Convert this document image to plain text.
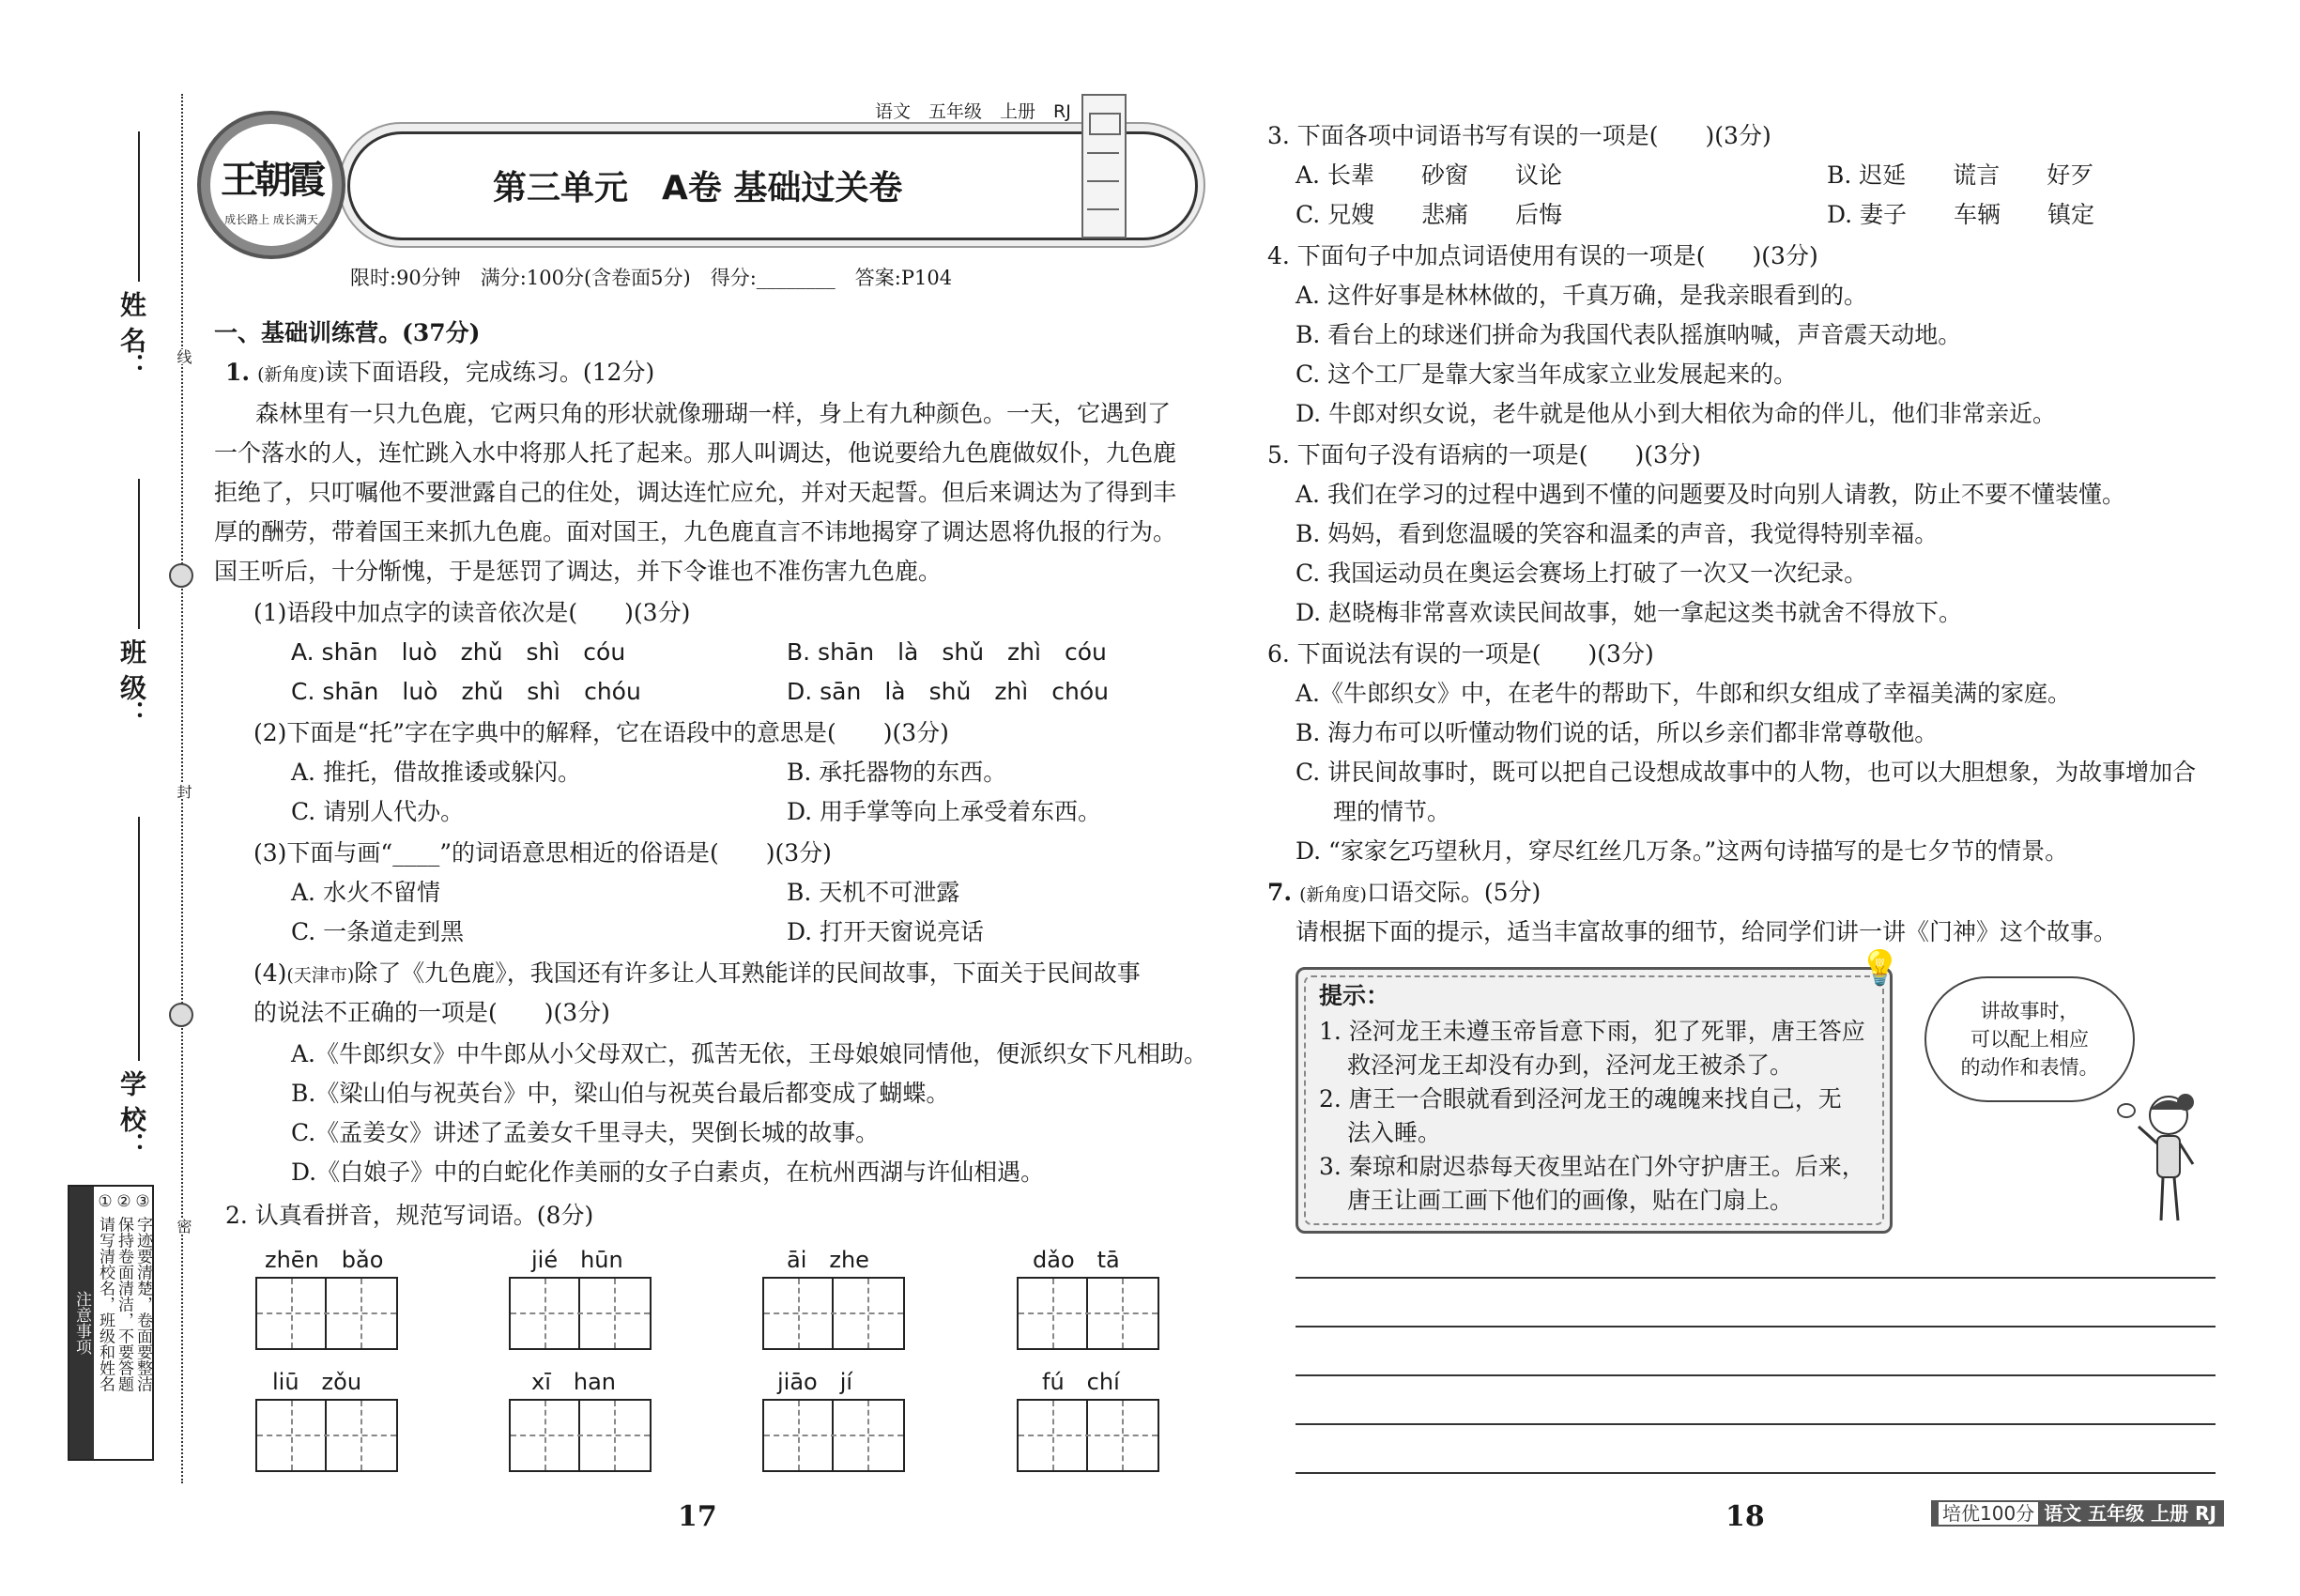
姓 名：
班 级：
学 校：
线
封
密
注意事项 ① 请写清校名，班级和姓名 ② 保持卷面清洁，不要答题 ③ 字迹要清楚，卷面要整洁
王朝霞
成长路上 成长满天
语文　五年级　上册　RJ
第三单元　A卷 基础过关卷
限时:90分钟　满分:100分(含卷面5分)　得分:________　答案:P104
一、基础训练营。(37分)
1. (新角度)读下面语段，完成练习。(12分)
森林里有一只九色鹿，它两只角的形状就像珊瑚一样，身上有九种颜色。一天，它遇到了
一个落水的人，连忙跳入水中将那人托了起来。那人叫调达，他说要给九色鹿做奴仆，九色鹿
拒绝了，只叮嘱他不要泄露自己的住处，调达连忙应允，并对天起誓。但后来调达为了得到丰
厚的酬劳，带着国王来抓九色鹿。面对国王，九色鹿直言不讳地揭穿了调达恩将仇报的行为。
国王听后，十分惭愧，于是惩罚了调达，并下令谁也不准伤害九色鹿。
(1)语段中加点字的读音依次是(　　)(3分)
A. shān　luò　zhǔ　shì　cóu	B. shān　là　shǔ　zhì　cóu
C. shān　luò　zhǔ　shì　chóu	D. sān　là　shǔ　zhì　chóu
(2)下面是“托”字在字典中的解释，它在语段中的意思是(　　)(3分)
A. 推托，借故推诿或躲闪。	B. 承托器物的东西。
C. 请别人代办。	D. 用手掌等向上承受着东西。
(3)下面与画“____”的词语意思相近的俗语是(　　)(3分)
A. 水火不留情	B. 天机不可泄露
C. 一条道走到黑	D. 打开天窗说亮话
(4)(天津市)除了《九色鹿》，我国还有许多让人耳熟能详的民间故事，下面关于民间故事
的说法不正确的一项是(　　)(3分)
A.《牛郎织女》中牛郎从小父母双亡，孤苦无依，王母娘娘同情他，便派织女下凡相助。
B.《梁山伯与祝英台》中，梁山伯与祝英台最后都变成了蝴蝶。
C.《孟姜女》讲述了孟姜女千里寻夫，哭倒长城的故事。
D.《白娘子》中的白蛇化作美丽的女子白素贞，在杭州西湖与许仙相遇。
2. 认真看拼音，规范写词语。(8分)
zhēn　bǎo	jié　hūn	āi　zhe	dǎo　tā
liū　zǒu	xī　han	jiāo　jí	fú　chí
17
3. 下面各项中词语书写有误的一项是(　　)(3分)
A. 长辈　　砂窗　　议论	B. 迟延　　谎言　　好歹
C. 兄嫂　　悲痛　　后悔	D. 妻子　　车辆　　镇定
4. 下面句子中加点词语使用有误的一项是(　　)(3分)
A. 这件好事是林林做的，千真万确，是我亲眼看到的。
B. 看台上的球迷们拼命为我国代表队摇旗呐喊，声音震天动地。
C. 这个工厂是靠大家当年成家立业发展起来的。
D. 牛郎对织女说，老牛就是他从小到大相依为命的伴儿，他们非常亲近。
5. 下面句子没有语病的一项是(　　)(3分)
A. 我们在学习的过程中遇到不懂的问题要及时向别人请教，防止不要不懂装懂。
B. 妈妈，看到您温暖的笑容和温柔的声音，我觉得特别幸福。
C. 我国运动员在奥运会赛场上打破了一次又一次纪录。
D. 赵晓梅非常喜欢读民间故事，她一拿起这类书就舍不得放下。
6. 下面说法有误的一项是(　　)(3分)
A.《牛郎织女》中，在老牛的帮助下，牛郎和织女组成了幸福美满的家庭。
B. 海力布可以听懂动物们说的话，所以乡亲们都非常尊敬他。
C. 讲民间故事时，既可以把自己设想成故事中的人物，也可以大胆想象，为故事增加合
理的情节。
D. “家家乞巧望秋月，穿尽红丝几万条。”这两句诗描写的是七夕节的情景。
7. (新角度)口语交际。(5分)
请根据下面的提示，适当丰富故事的细节，给同学们讲一讲《门神》这个故事。
提示：
1. 泾河龙王未遵玉帝旨意下雨，犯了死罪，唐王答应
救泾河龙王却没有办到，泾河龙王被杀了。
2. 唐王一合眼就看到泾河龙王的魂魄来找自己，无
法入睡。
3. 秦琼和尉迟恭每天夜里站在门外守护唐王。后来，
唐王让画工画下他们的画像，贴在门扇上。
💡
讲故事时，
可以配上相应
的动作和表情。
18	培优100分 语文 五年级 上册 RJ
